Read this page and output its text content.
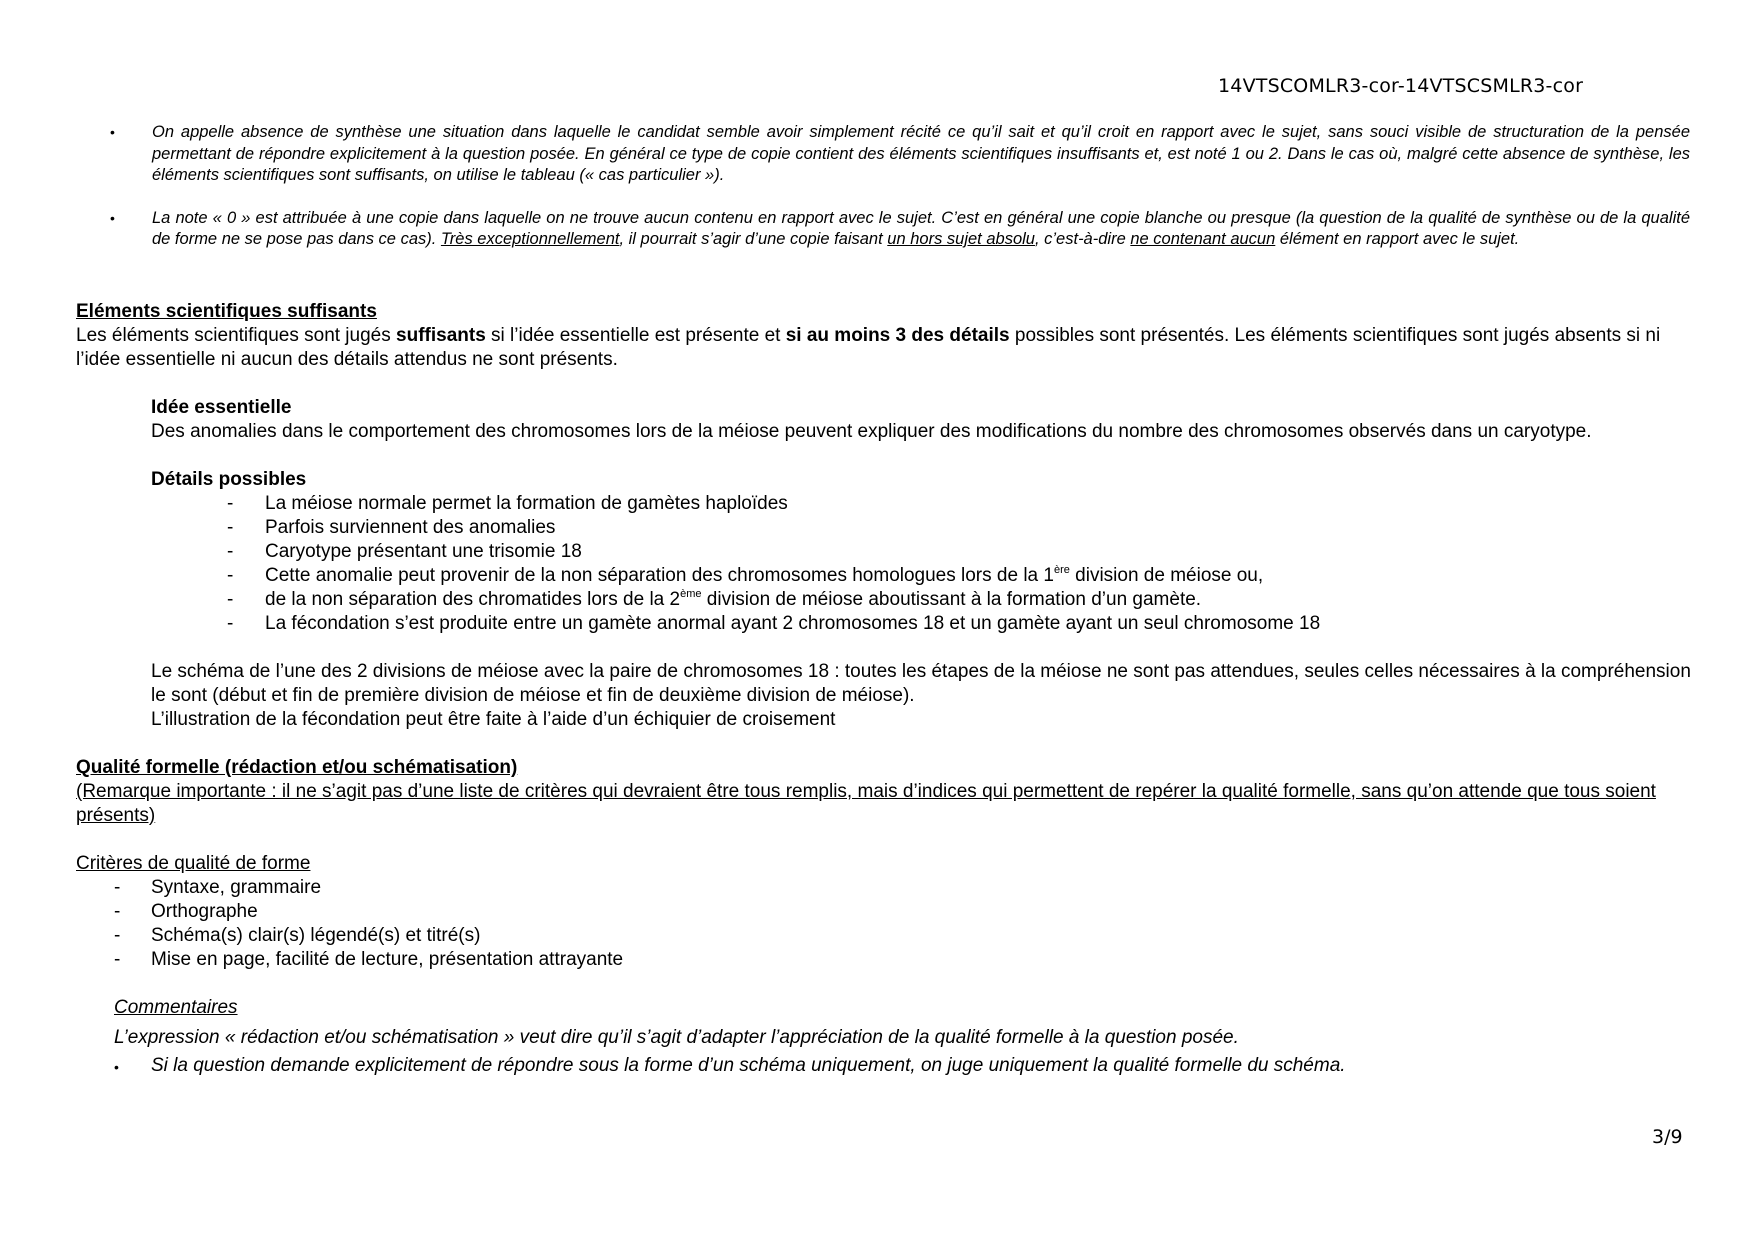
14VTSCOMLR3-cor-14VTSCSMLR3-cor
• On appelle absence de synthèse une situation dans laquelle le candidat semble avoir simplement récité ce qu’il sait et qu’il croit en rapport avec le sujet, sans souci visible de structuration de la pensée permettant de répondre explicitement à la question posée. En général ce type de copie contient des éléments scientifiques insuffisants et, est noté 1 ou 2. Dans le cas où, malgré cette absence de synthèse, les éléments scientifiques sont suffisants, on utilise le tableau (« cas particulier »).
• La note « 0 » est attribuée à une copie dans laquelle on ne trouve aucun contenu en rapport avec le sujet. C’est en général une copie blanche ou presque (la question de la qualité de synthèse ou de la qualité de forme ne se pose pas dans ce cas). Très exceptionnellement, il pourrait s’agir d’une copie faisant un hors sujet absolu, c’est-à-dire ne contenant aucun élément en rapport avec le sujet.
Eléments scientifiques suffisants
Les éléments scientifiques sont jugés suffisants si l’idée essentielle est présente et si au moins 3 des détails possibles sont présentés. Les éléments scientifiques sont jugés absents si ni l’idée essentielle ni aucun des détails attendus ne sont présents.
Idée essentielle
Des anomalies dans le comportement des chromosomes lors de la méiose peuvent expliquer des modifications du nombre des chromosomes observés dans un caryotype.
Détails possibles
- La méiose normale permet la formation de gamètes haploïdes
- Parfois surviennent des anomalies
- Caryotype présentant une trisomie 18
- Cette anomalie peut provenir de la non séparation des chromosomes homologues lors de la 1ère division de méiose ou,
- de la non séparation des chromatides lors de la 2ème division de méiose aboutissant à la formation d’un gamète.
- La fécondation s’est produite entre un gamète anormal ayant 2 chromosomes 18 et un gamète ayant un seul chromosome 18
Le schéma de l’une des 2 divisions de méiose avec la paire de chromosomes 18 : toutes les étapes de la méiose ne sont pas attendues, seules celles nécessaires à la compréhension le sont (début et fin de première division de méiose et fin de deuxième division de méiose).
L’illustration de la fécondation peut être faite à l’aide d’un échiquier de croisement
Qualité formelle (rédaction et/ou schématisation)
(Remarque importante : il ne s’agit pas d’une liste de critères qui devraient être tous remplis, mais d’indices qui permettent de repérer la qualité formelle, sans qu’on attende que tous soient présents)
Critères de qualité de forme
- Syntaxe, grammaire
- Orthographe
- Schéma(s) clair(s) légendé(s) et titré(s)
- Mise en page, facilité de lecture, présentation attrayante
Commentaires
L’expression « rédaction et/ou schématisation » veut dire qu’il s’agit d’adapter l’appréciation de la qualité formelle à la question posée.
• Si la question demande explicitement de répondre sous la forme d’un schéma uniquement, on juge uniquement la qualité formelle du schéma.
3/9
